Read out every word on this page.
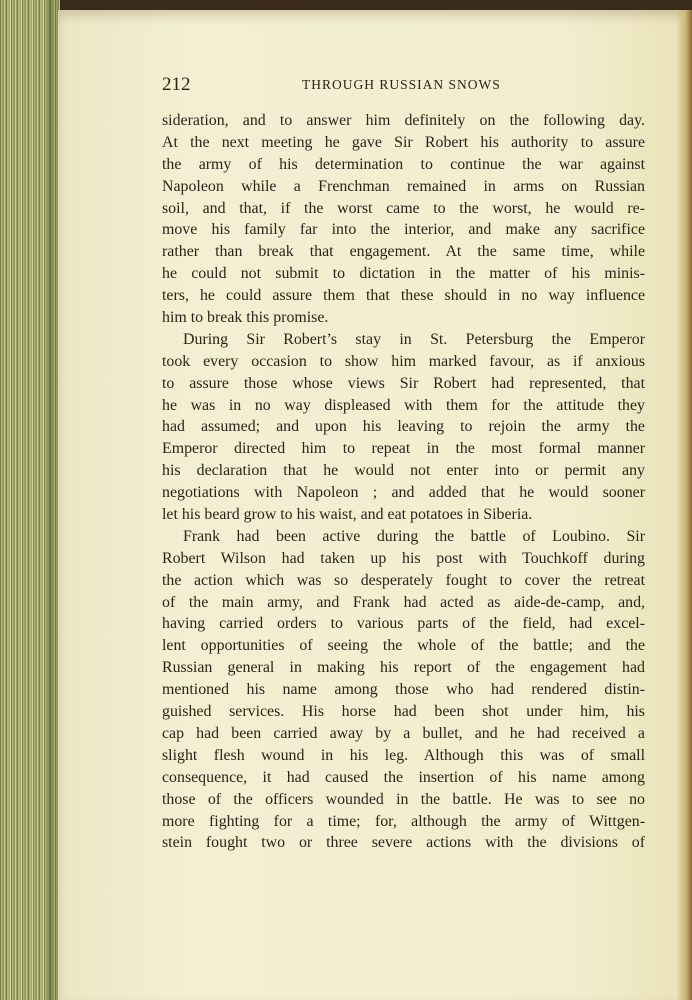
212	THROUGH RUSSIAN SNOWS
sideration, and to answer him definitely on the following day.
At the next meeting he gave Sir Robert his authority to assure
the army of his determination to continue the war against
Napoleon while a Frenchman remained in arms on Russian
soil, and that, if the worst came to the worst, he would re-
move his family far into the interior, and make any sacrifice
rather than break that engagement. At the same time, while
he could not submit to dictation in the matter of his minis-
ters, he could assure them that these should in no way influence
him to break this promise.
During Sir Robert’s stay in St. Petersburg the Emperor
took every occasion to show him marked favour, as if anxious
to assure those whose views Sir Robert had represented, that
he was in no way displeased with them for the attitude they
had assumed; and upon his leaving to rejoin the army the
Emperor directed him to repeat in the most formal manner
his declaration that he would not enter into or permit any
negotiations with Napoleon ; and added that he would sooner
let his beard grow to his waist, and eat potatoes in Siberia.
Frank had been active during the battle of Loubino. Sir
Robert Wilson had taken up his post with Touchkoff during
the action which was so desperately fought to cover the retreat
of the main army, and Frank had acted as aide-de-camp, and,
having carried orders to various parts of the field, had excel-
lent opportunities of seeing the whole of the battle; and the
Russian general in making his report of the engagement had
mentioned his name among those who had rendered distin-
guished services. His horse had been shot under him, his
cap had been carried away by a bullet, and he had received a
slight flesh wound in his leg. Although this was of small
consequence, it had caused the insertion of his name among
those of the officers wounded in the battle. He was to see no
more fighting for a time; for, although the army of Wittgen-
stein fought two or three severe actions with the divisions of
